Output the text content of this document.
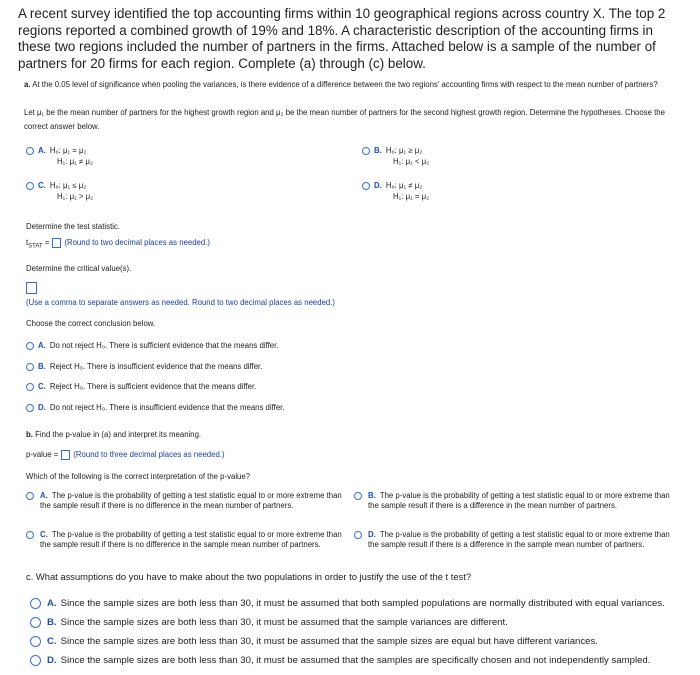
A recent survey identified the top accounting firms within 10 geographical regions across country X. The top 2 regions reported a combined growth of 19% and 18%. A characteristic description of the accounting firms in these two regions included the number of partners in the firms. Attached below is a sample of the number of partners for 20 firms for each region. Complete (a) through (c) below.
a. At the 0.05 level of significance when pooling the variances, is there evidence of a difference between the two regions' accounting firms with respect to the mean number of partners?
Let μ₁ be the mean number of partners for the highest growth region and μ₂ be the mean number of partners for the second highest growth region. Determine the hypotheses. Choose the correct answer below.
A. H₀: μ₁ = μ₂
H₁: μ₁ ≠ μ₂
B. H₀: μ₁ ≥ μ₂
H₁: μ₁ < μ₂
C. H₀: μ₁ ≤ μ₂
H₁: μ₁ > μ₂
D. H₀: μ₁ ≠ μ₂
H₁: μ₁ = μ₂
Determine the test statistic.
$t_{STAT}$ = (Round to two decimal places as needed.)
Determine the critical value(s).
(Use a comma to separate answers as needed. Round to two decimal places as needed.)
Choose the correct conclusion below.
A. Do not reject H₀. There is sufficient evidence that the means differ.
B. Reject H₀. There is insufficient evidence that the means differ.
C. Reject H₀. There is sufficient evidence that the means differ.
D. Do not reject H₀. There is insufficient evidence that the means differ.
b. Find the p-value in (a) and interpret its meaning.
p-value = (Round to three decimal places as needed.)
Which of the following is the correct interpretation of the p-value?
A. The p-value is the probability of getting a test statistic equal to or more extreme than the sample result if there is no difference in the mean number of partners.
B. The p-value is the probability of getting a test statistic equal to or more extreme than the sample result if there is a difference in the mean number of partners.
C. The p-value is the probability of getting a test statistic equal to or more extreme than the sample result if there is no difference in the sample mean number of partners.
D. The p-value is the probability of getting a test statistic equal to or more extreme than the sample result if there is a difference in the sample mean number of partners.
c. What assumptions do you have to make about the two populations in order to justify the use of the t test?
A. Since the sample sizes are both less than 30, it must be assumed that both sampled populations are normally distributed with equal variances.
B. Since the sample sizes are both less than 30, it must be assumed that the sample variances are different.
C. Since the sample sizes are both less than 30, it must be assumed that the sample sizes are equal but have different variances.
D. Since the sample sizes are both less than 30, it must be assumed that the samples are specifically chosen and not independently sampled.
